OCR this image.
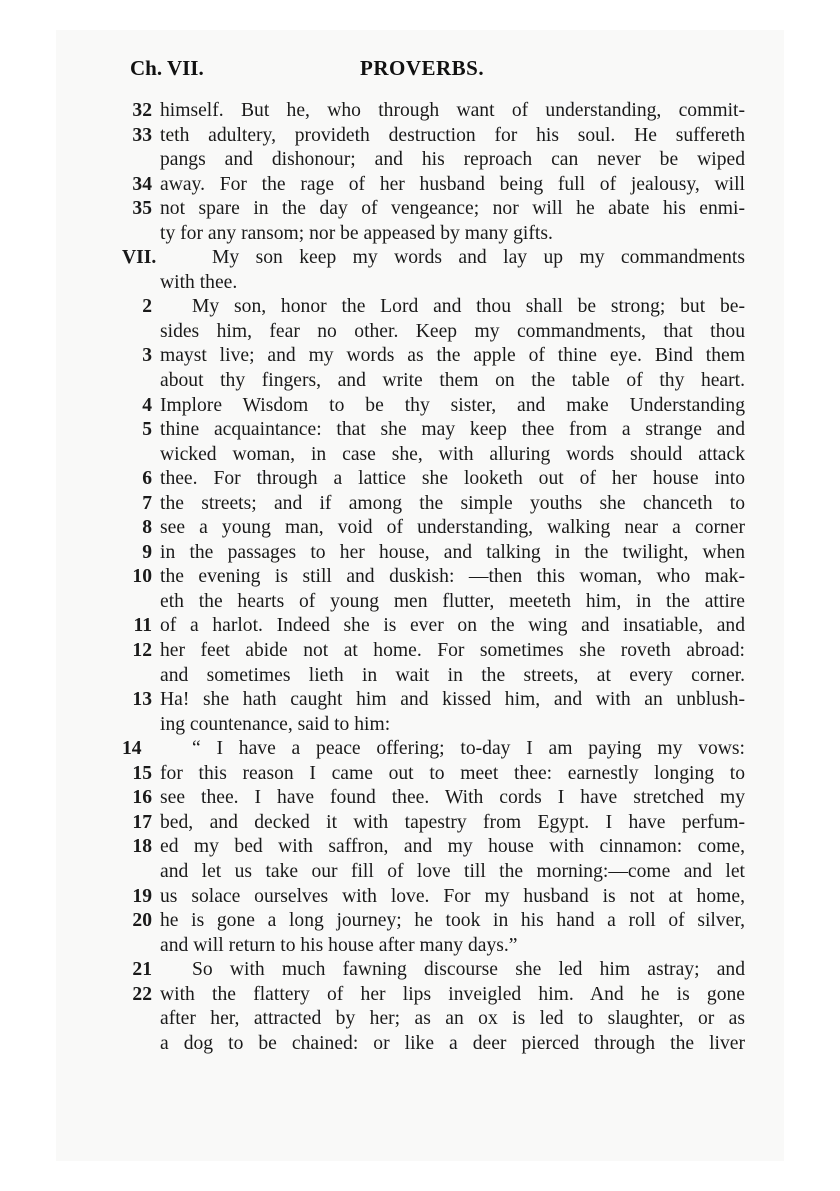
Ch. VII.	PROVERBS.
32 himself. But he, who through want of understanding, commit-
33 teth adultery, provideth destruction for his soul. He suffereth
pangs and dishonour; and his reproach can never be wiped
34 away. For the rage of her husband being full of jealousy, will
35 not spare in the day of vengeance; nor will he abate his enmi-
ty for any ransom; nor be appeased by many gifts.
VII.	My son keep my words and lay up my commandments
with thee.
2	My son, honor the Lord and thou shall be strong; but be-
sides him, fear no other. Keep my commandments, that thou
3 mayst live; and my words as the apple of thine eye. Bind them
about thy fingers, and write them on the table of thy heart.
4 Implore Wisdom to be thy sister, and make Understanding
5 thine acquaintance: that she may keep thee from a strange and
wicked woman, in case she, with alluring words should attack
6 thee. For through a lattice she looketh out of her house into
7 the streets; and if among the simple youths she chanceth to
8 see a young man, void of understanding, walking near a corner
9 in the passages to her house, and talking in the twilight, when
10 the evening is still and duskish: —then this woman, who mak-
eth the hearts of young men flutter, meeteth him, in the attire
11 of a harlot. Indeed she is ever on the wing and insatiable, and
12 her feet abide not at home. For sometimes she roveth abroad:
and sometimes lieth in wait in the streets, at every corner.
13 Ha! she hath caught him and kissed him, and with an unblush-
ing countenance, said to him:
14	“ I have a peace offering; to-day I am paying my vows:
15 for this reason I came out to meet thee: earnestly longing to
16 see thee. I have found thee. With cords I have stretched my
17 bed, and decked it with tapestry from Egypt. I have perfum-
18 ed my bed with saffron, and my house with cinnamon: come,
and let us take our fill of love till the morning:—come and let
19 us solace ourselves with love. For my husband is not at home,
20 he is gone a long journey; he took in his hand a roll of silver,
and will return to his house after many days.”
21	So with much fawning discourse she led him astray; and
22 with the flattery of her lips inveigled him. And he is gone
after her, attracted by her; as an ox is led to slaughter, or as
a dog to be chained: or like a deer pierced through the liver
